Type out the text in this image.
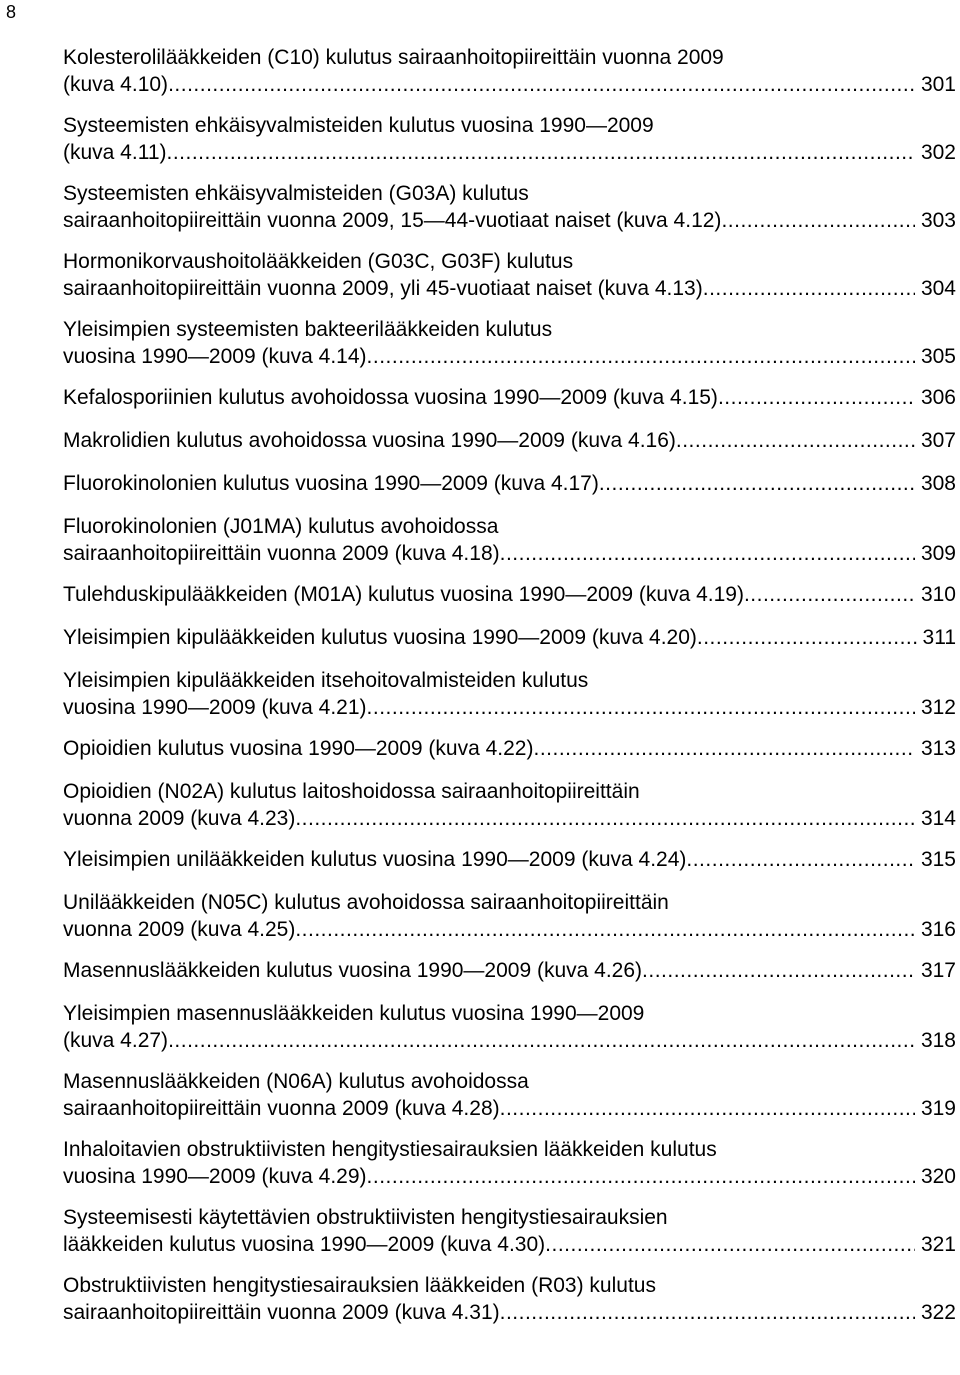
8
Kolesterolilääkkeiden (C10) kulutus sairaanhoitopiireittäin vuonna 2009
(kuva 4.10) .....	301
Systeemisten ehkäisyvalmisteiden kulutus vuosina 1990—2009
(kuva 4.11) .....	302
Systeemisten ehkäisyvalmisteiden (G03A) kulutus
sairaanhoitopiireittäin vuonna 2009, 15—44-vuotiaat naiset (kuva 4.12) .....	303
Hormonikorvaushoitolääkkeiden (G03C, G03F) kulutus
sairaanhoitopiireittäin vuonna 2009, yli 45-vuotiaat naiset (kuva 4.13) .....	304
Yleisimpien systeemisten bakteerilääkkeiden kulutus
vuosina 1990—2009 (kuva 4.14) .....	305
Kefalosporiinien kulutus avohoidossa vuosina 1990—2009 (kuva 4.15) .....	306
Makrolidien kulutus avohoidossa vuosina 1990—2009 (kuva 4.16) .....	307
Fluorokinolonien kulutus vuosina 1990—2009 (kuva 4.17) .....	308
Fluorokinolonien (J01MA) kulutus avohoidossa
sairaanhoitopiireittäin vuonna 2009 (kuva 4.18) .....	309
Tulehduskipulääkkeiden (M01A) kulutus vuosina 1990—2009 (kuva 4.19) .....	310
Yleisimpien kipulääkkeiden kulutus vuosina 1990—2009 (kuva 4.20) .....	311
Yleisimpien kipulääkkeiden itsehoitovalmisteiden kulutus
vuosina 1990—2009 (kuva 4.21) .....	312
Opioidien kulutus vuosina 1990—2009 (kuva 4.22) .....	313
Opioidien (N02A) kulutus laitoshoidossa sairaanhoitopiireittäin
vuonna 2009 (kuva 4.23) .....	314
Yleisimpien unilääkkeiden kulutus vuosina 1990—2009 (kuva 4.24) .....	315
Unilääkkeiden (N05C) kulutus avohoidossa sairaanhoitopiireittäin
vuonna 2009 (kuva 4.25) .....	316
Masennuslääkkeiden kulutus vuosina 1990—2009 (kuva 4.26) .....	317
Yleisimpien masennuslääkkeiden kulutus vuosina 1990—2009
(kuva 4.27) .....	318
Masennuslääkkeiden (N06A) kulutus avohoidossa
sairaanhoitopiireittäin vuonna 2009 (kuva 4.28) .....	319
Inhaloitavien obstruktiivisten hengitystiesairauksien lääkkeiden kulutus
vuosina 1990—2009 (kuva 4.29) .....	320
Systeemisesti käytettävien obstruktiivisten hengitystiesairauksien
lääkkeiden kulutus vuosina 1990—2009 (kuva 4.30) .....	321
Obstruktiivisten hengitystiesairauksien lääkkeiden (R03) kulutus
sairaanhoitopiireittäin vuonna 2009 (kuva 4.31) .....	322
